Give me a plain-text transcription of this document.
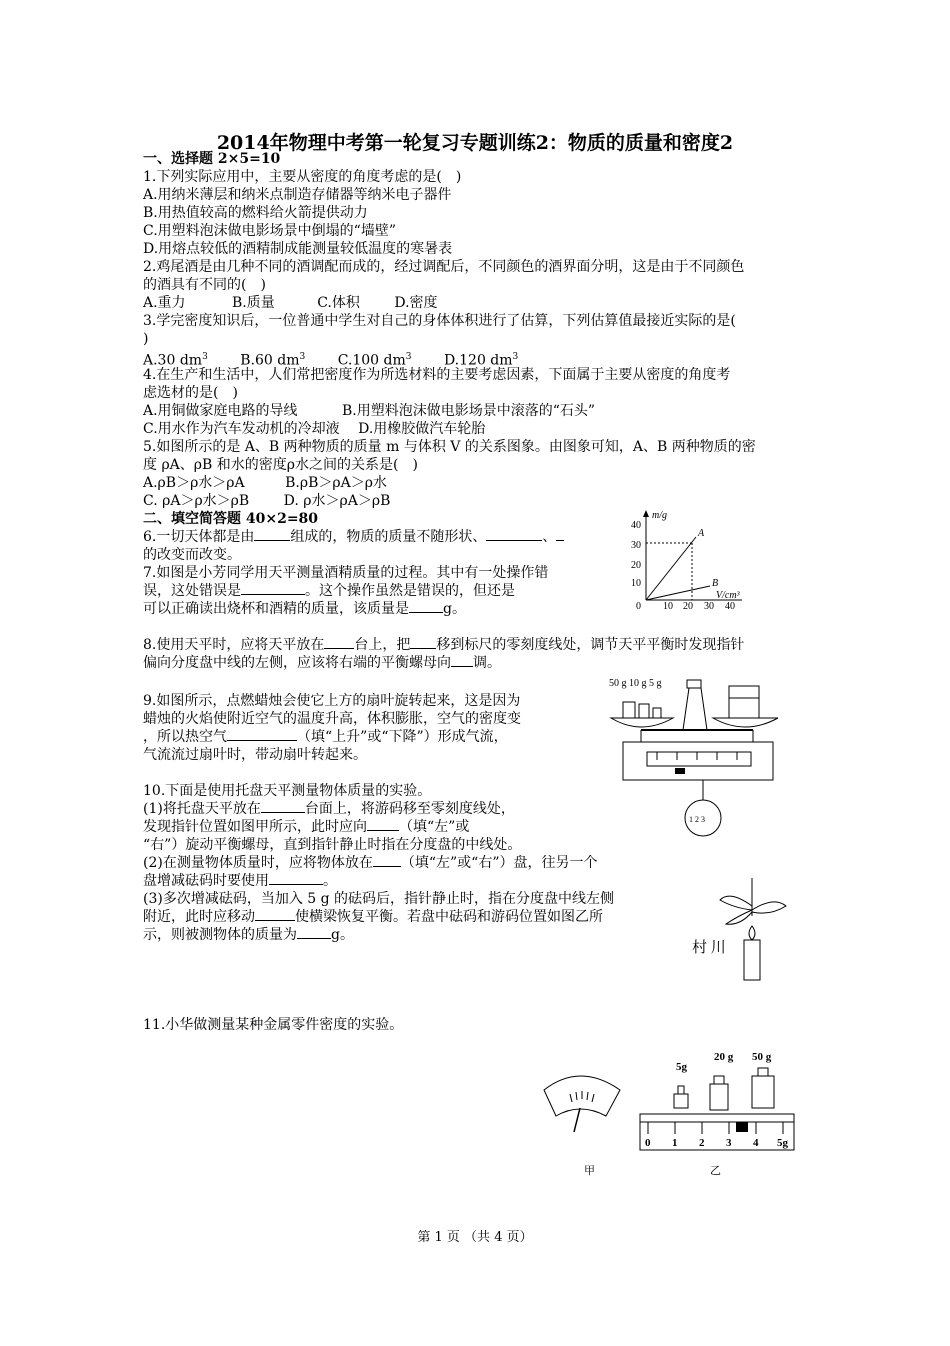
2014年物理中考第一轮复习专题训练2：物质的质量和密度2
一、选择题 2×5=10
1.下列实际应用中，主要从密度的角度考虑的是(　)
A.用纳米薄层和纳米点制造存储器等纳米电子器件
B.用热值较高的燃料给火箭提供动力
C.用塑料泡沫做电影场景中倒塌的“墙壁”
D.用熔点较低的酒精制成能测量较低温度的寒暑表
2.鸡尾酒是由几种不同的酒调配而成的，经过调配后，不同颜色的酒界面分明，这是由于不同颜色
的酒具有不同的(　)
A.重力	B.质量	C.体积 D.密度
3.学完密度知识后，一位普通中学生对自己的身体体积进行了估算，下列估算值最接近实际的是(
)
A.30 $dm^3$ B.60 $dm^3$ C.100 $dm^3$ D.120 $dm^3$
4.在生产和生活中，人们常把密度作为所选材料的主要考虑因素，下面属于主要从密度的角度考
虑选材的是(　)
A.用铜做家庭电路的导线	B.用塑料泡沫做电影场景中滚落的“石头”
C.用水作为汽车发动机的冷却液 D.用橡胶做汽车轮胎
5.如图所示的是 A、B 两种物质的质量 m 与体积 V 的关系图象。由图象可知，A、B 两种物质的密
度 ρA、ρB 和水的密度ρ水之间的关系是(　)
A.ρB＞ρ水＞ρA	B.ρB＞ρA＞ρ水
C. ρA＞ρ水＞ρB D. ρ水＞ρA＞ρB
二、填空简答题 40×2=80
6.一切天体都是由	组成的，物质的质量不随形状、	、
的改变而改变。
7.如图是小芳同学用天平测量酒精质量的过程。其中有一处操作错
误，这处错误是	。这个操作虽然是错误的，但还是
可以正确读出烧杯和酒精的质量，该质量是 g。
8.使用天平时，应将天平放在 台上，把 移到标尺的零刻度线处，调节天平平衡时发现指针
偏向分度盘中线的左侧，应该将右端的平衡螺母向 调。
9.如图所示，点燃蜡烛会使它上方的扇叶旋转起来，这是因为
蜡烛的火焰使附近空气的温度升高，体积膨胀，空气的密度变
，所以热空气	（填“上升”或“下降”）形成气流，
气流流过扇叶时，带动扇叶转起来。
10.下面是使用托盘天平测量物体质量的实验。
(1)将托盘天平放在	台面上，将游码移至零刻度线处，
发现指针位置如图甲所示，此时应向 （填“左”或
“右”）旋动平衡螺母，直到指针静止时指在分度盘的中线处。
(2)在测量物体质量时，应将物体放在 （填“左”或“右”）盘，往另一个
盘增减砝码时要使用	。
(3)多次增减砝码，当加入 5 g 的砝码后，指针静止时，指在分度盘中线左侧
附近，此时应移动	使横梁恢复平衡。若盘中砝码和游码位置如图乙所
示，则被测物体的质量为 g。
11.小华做测量某种金属零件密度的实验。
m/g
V/cm³
40
30
20
10
0 10 20 30 40
A
B
50 g 10 g 5 g
1 2 3
村 川
甲
5g
20 g 50 g
0 1 2 3 4 5g
乙
第 1 页 （共 4 页）
